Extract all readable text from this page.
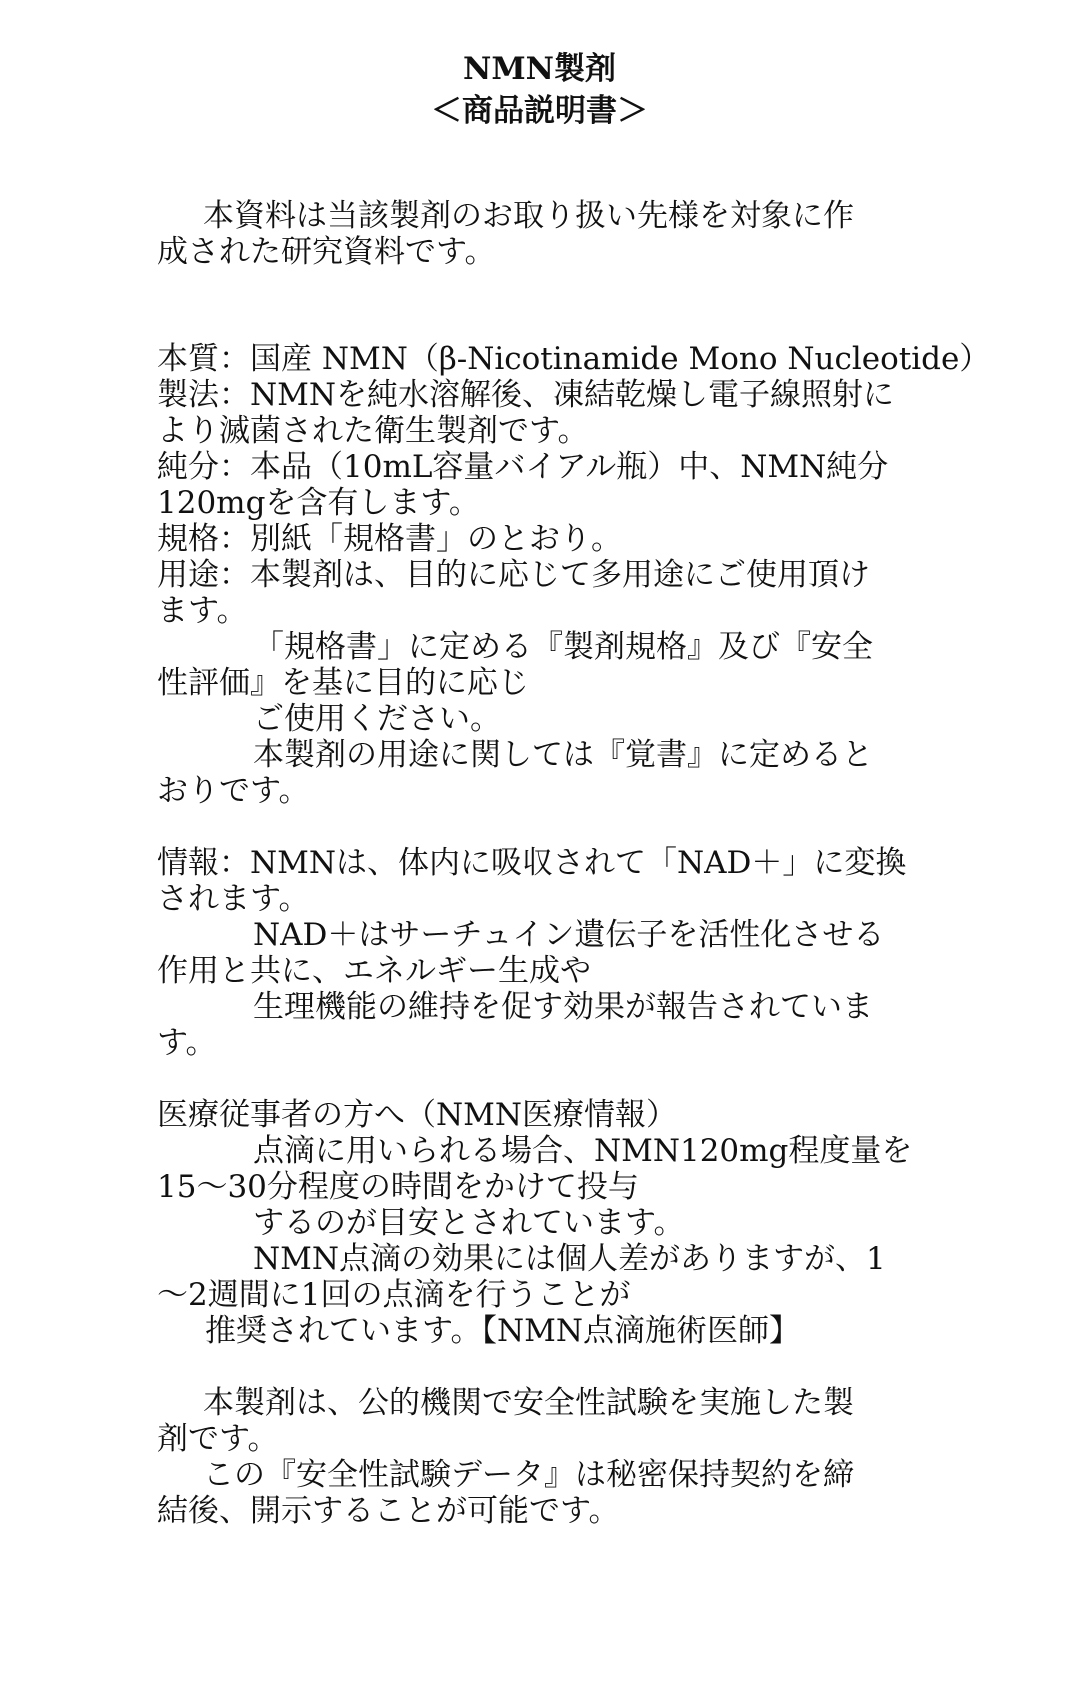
NMN製剤
＜商品説明書＞
本資料は当該製剤のお取り扱い先様を対象に作
成された研究資料です。
本質：国産 NMN（β-Nicotinamide Mono Nucleotide）
製法：NMNを純水溶解後、凍結乾燥し電子線照射に
より滅菌された衛生製剤です。
純分：本品（10mL容量バイアル瓶）中、NMN純分
120mgを含有します。
規格：別紙「規格書」のとおり。
用途：本製剤は、目的に応じて多用途にご使用頂け
ます。
「規格書」に定める『製剤規格』及び『安全
性評価』を基に目的に応じ
ご使用ください。
本製剤の用途に関しては『覚書』に定めると
おりです。
情報：NMNは、体内に吸収されて「NAD＋」に変換
されます。
NAD＋はサーチュイン遺伝子を活性化させる
作用と共に、エネルギー生成や
生理機能の維持を促す効果が報告されていま
す。
医療従事者の方へ（NMN医療情報）
点滴に用いられる場合、NMN120mg程度量を
15〜30分程度の時間をかけて投与
するのが目安とされています。
NMN点滴の効果には個人差がありますが、1
〜2週間に1回の点滴を行うことが
推奨されています。【NMN点滴施術医師】
本製剤は、公的機関で安全性試験を実施した製
剤です。
この『安全性試験データ』は秘密保持契約を締
結後、開示することが可能です。
